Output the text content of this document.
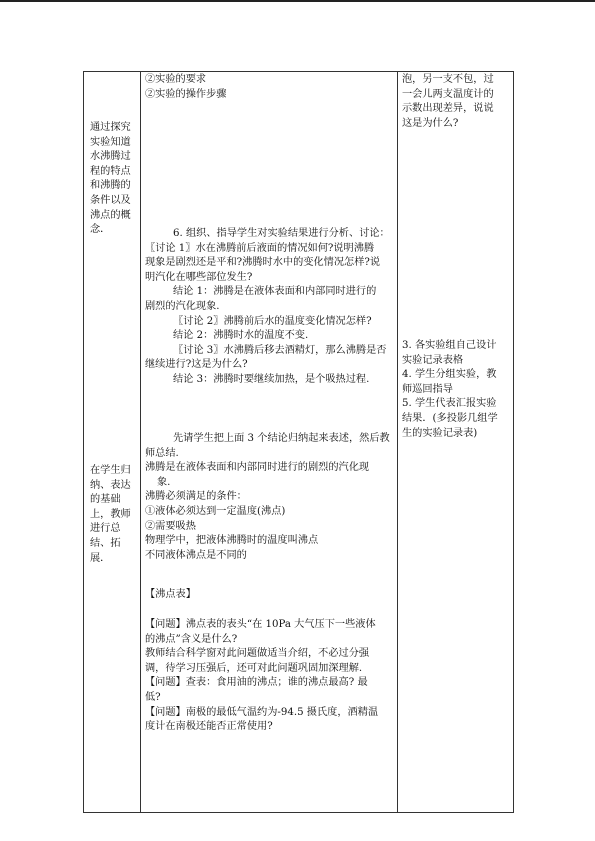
通过探究
实验知道
水沸腾过
程的特点
和沸腾的
条件以及
沸点的概
念．
在学生归
纳、表达
的基础
上，教师
进行总
结、拓
展．
②实验的要求
②实验的操作步骤
6. 组织、指导学生对实验结果进行分析、讨论：
〖讨论 1〗水在沸腾前后液面的情况如何?说明沸腾
现象是剧烈还是平和?沸腾时水中的变化情况怎样?说
明汽化在哪些部位发生?
结论 1：沸腾是在液体表面和内部同时进行的
剧烈的汽化现象.
〖讨论 2〗沸腾前后水的温度变化情况怎样?
结论 2：沸腾时水的温度不变.
〖讨论 3〗水沸腾后移去酒精灯，那么沸腾是否
继续进行?这是为什么?
结论 3：沸腾时要继续加热，是个吸热过程.
先请学生把上面 3 个结论归纳起来表述，然后教
师总结.
沸腾是在液体表面和内部同时进行的剧烈的汽化现
象.
沸腾必须满足的条件：
①液体必须达到一定温度(沸点)
②需要吸热
物理学中，把液体沸腾时的温度叫沸点
不同液体沸点是不同的
【沸点表】
【问题】沸点表的表头“在 10Pa 大气压下一些液体
的沸点”含义是什么?
教师结合科学窗对此问题做适当介绍，不必过分强
调，待学习压强后，还可对此问题巩固加深理解.
【问题】查表：食用油的沸点；谁的沸点最高? 最
低?
【问题】南极的最低气温约为-94.5 摄氏度，酒精温
度计在南极还能否正常使用?
泡，另一支不包，过
一会儿两支温度计的
示数出现差异，说说
这是为什么?
3. 各实验组自己设计
实验记录表格
4. 学生分组实验，教
师巡回指导
5. 学生代表汇报实验
结果．(多投影几组学
生的实验记录表)
